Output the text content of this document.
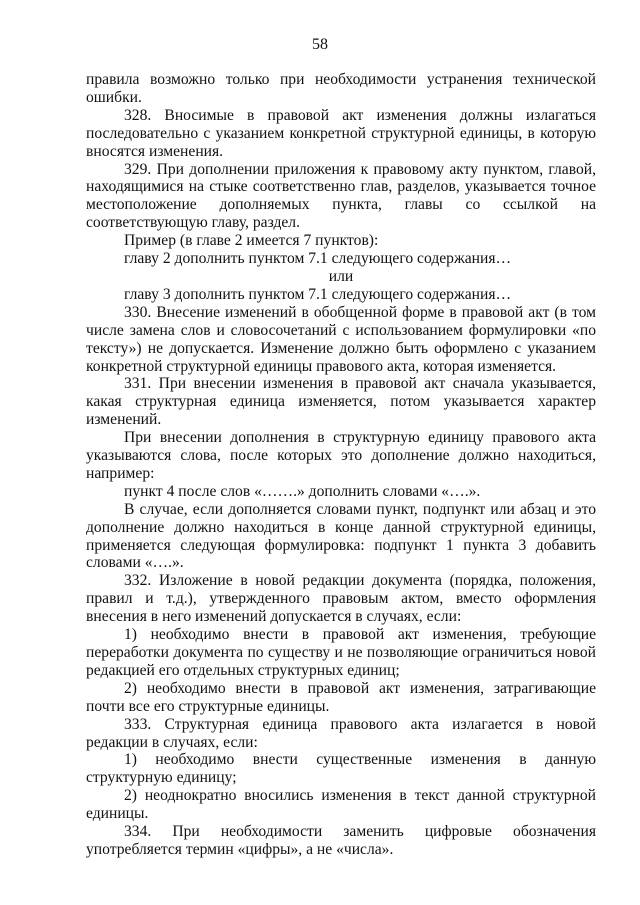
58

правила возможно только при необходимости устранения технической ошибки.

328. Вносимые в правовой акт изменения должны излагаться последовательно с указанием конкретной структурной единицы, в которую вносятся изменения.

329. При дополнении приложения к правовому акту пунктом, главой, находящимися на стыке соответственно глав, разделов, указывается точное местоположение дополняемых пункта, главы со ссылкой на соответствующую главу, раздел.

Пример (в главе 2 имеется 7 пунктов):

главу 2 дополнить пунктом 7.1 следующего содержания…

или

главу 3 дополнить пунктом 7.1 следующего содержания…

330. Внесение изменений в обобщенной форме в правовой акт (в том числе замена слов и словосочетаний с использованием формулировки «по тексту») не допускается. Изменение должно быть оформлено с указанием конкретной структурной единицы правового акта, которая изменяется.

331. При внесении изменения в правовой акт сначала указывается, какая структурная единица изменяется, потом указывается характер изменений.

При внесении дополнения в структурную единицу правового акта указываются слова, после которых это дополнение должно находиться, например:

пункт 4 после слов «…….» дополнить словами «….».

В случае, если дополняется словами пункт, подпункт или абзац и это дополнение должно находиться в конце данной структурной единицы, применяется следующая формулировка: подпункт 1 пункта 3 добавить словами «….».

332. Изложение в новой редакции документа (порядка, положения, правил и т.д.), утвержденного правовым актом, вместо оформления внесения в него изменений допускается в случаях, если:

1) необходимо внести в правовой акт изменения, требующие переработки документа по существу и не позволяющие ограничиться новой редакцией его отдельных структурных единиц;

2) необходимо внести в правовой акт изменения, затрагивающие почти все его структурные единицы.

333. Структурная единица правового акта излагается в новой редакции в случаях, если:

1) необходимо внести существенные изменения в данную структурную единицу;

2) неоднократно вносились изменения в текст данной структурной единицы.

334. При необходимости заменить цифровые обозначения употребляется термин «цифры», а не «числа».
